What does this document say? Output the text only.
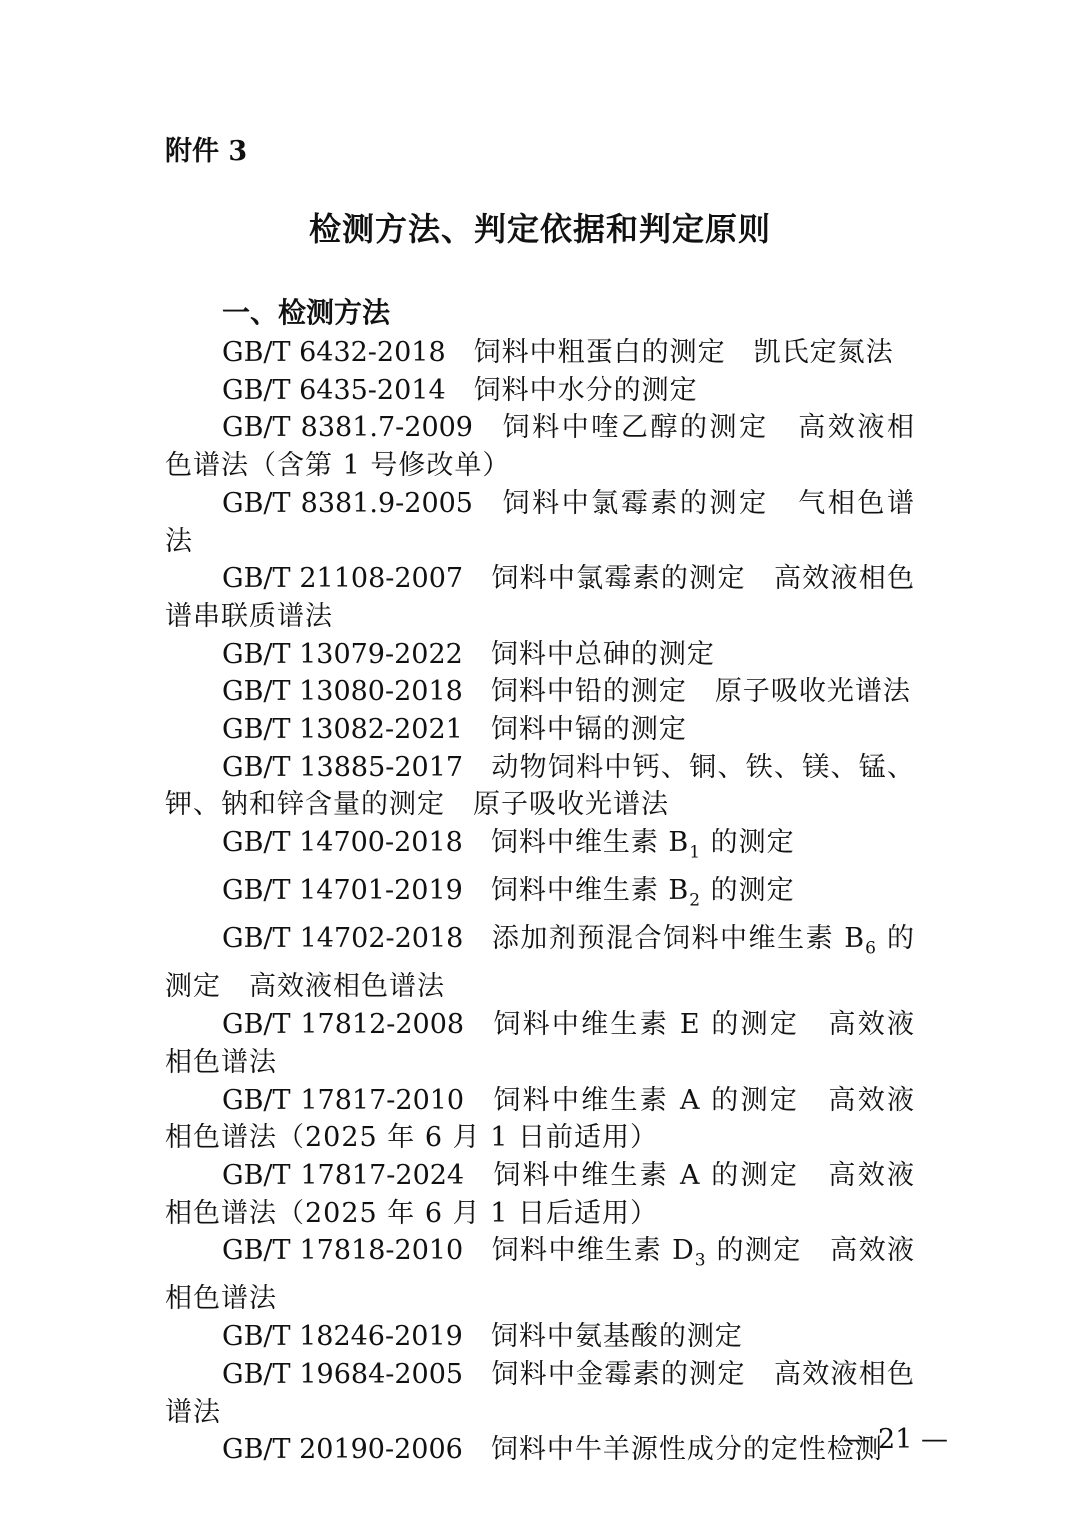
附件 3
检测方法、判定依据和判定原则
一、检测方法

GB/T 6432-2018 饲料中粗蛋白的测定　凯氏定氮法

GB/T 6435-2014 饲料中水分的测定

GB/T 8381.7-2009 饲料中喹乙醇的测定　高效液相色谱法（含第 1 号修改单）

GB/T 8381.9-2005 饲料中氯霉素的测定　气相色谱法

GB/T 21108-2007 饲料中氯霉素的测定　高效液相色谱串联质谱法

GB/T 13079-2022 饲料中总砷的测定

GB/T 13080-2018 饲料中铅的测定　原子吸收光谱法

GB/T 13082-2021 饲料中镉的测定

GB/T 13885-2017 动物饲料中钙、铜、铁、镁、锰、钾、钠和锌含量的测定　原子吸收光谱法

GB/T 14700-2018 饲料中维生素 $B_1$ 的测定

GB/T 14701-2019 饲料中维生素 $B_2$ 的测定

GB/T 14702-2018 添加剂预混合饲料中维生素 $B_6$ 的测定　高效液相色谱法

GB/T 17812-2008 饲料中维生素 E 的测定　高效液相色谱法

GB/T 17817-2010 饲料中维生素 A 的测定　高效液相色谱法（2025 年 6 月 1 日前适用）

GB/T 17817-2024 饲料中维生素 A 的测定　高效液相色谱法（2025 年 6 月 1 日后适用）

GB/T 17818-2010 饲料中维生素 $D_3$ 的测定　高效液相色谱法

GB/T 18246-2019 饲料中氨基酸的测定

GB/T 19684-2005 饲料中金霉素的测定　高效液相色谱法

GB/T 20190-2006 饲料中牛羊源性成分的定性检测

— 21 —
